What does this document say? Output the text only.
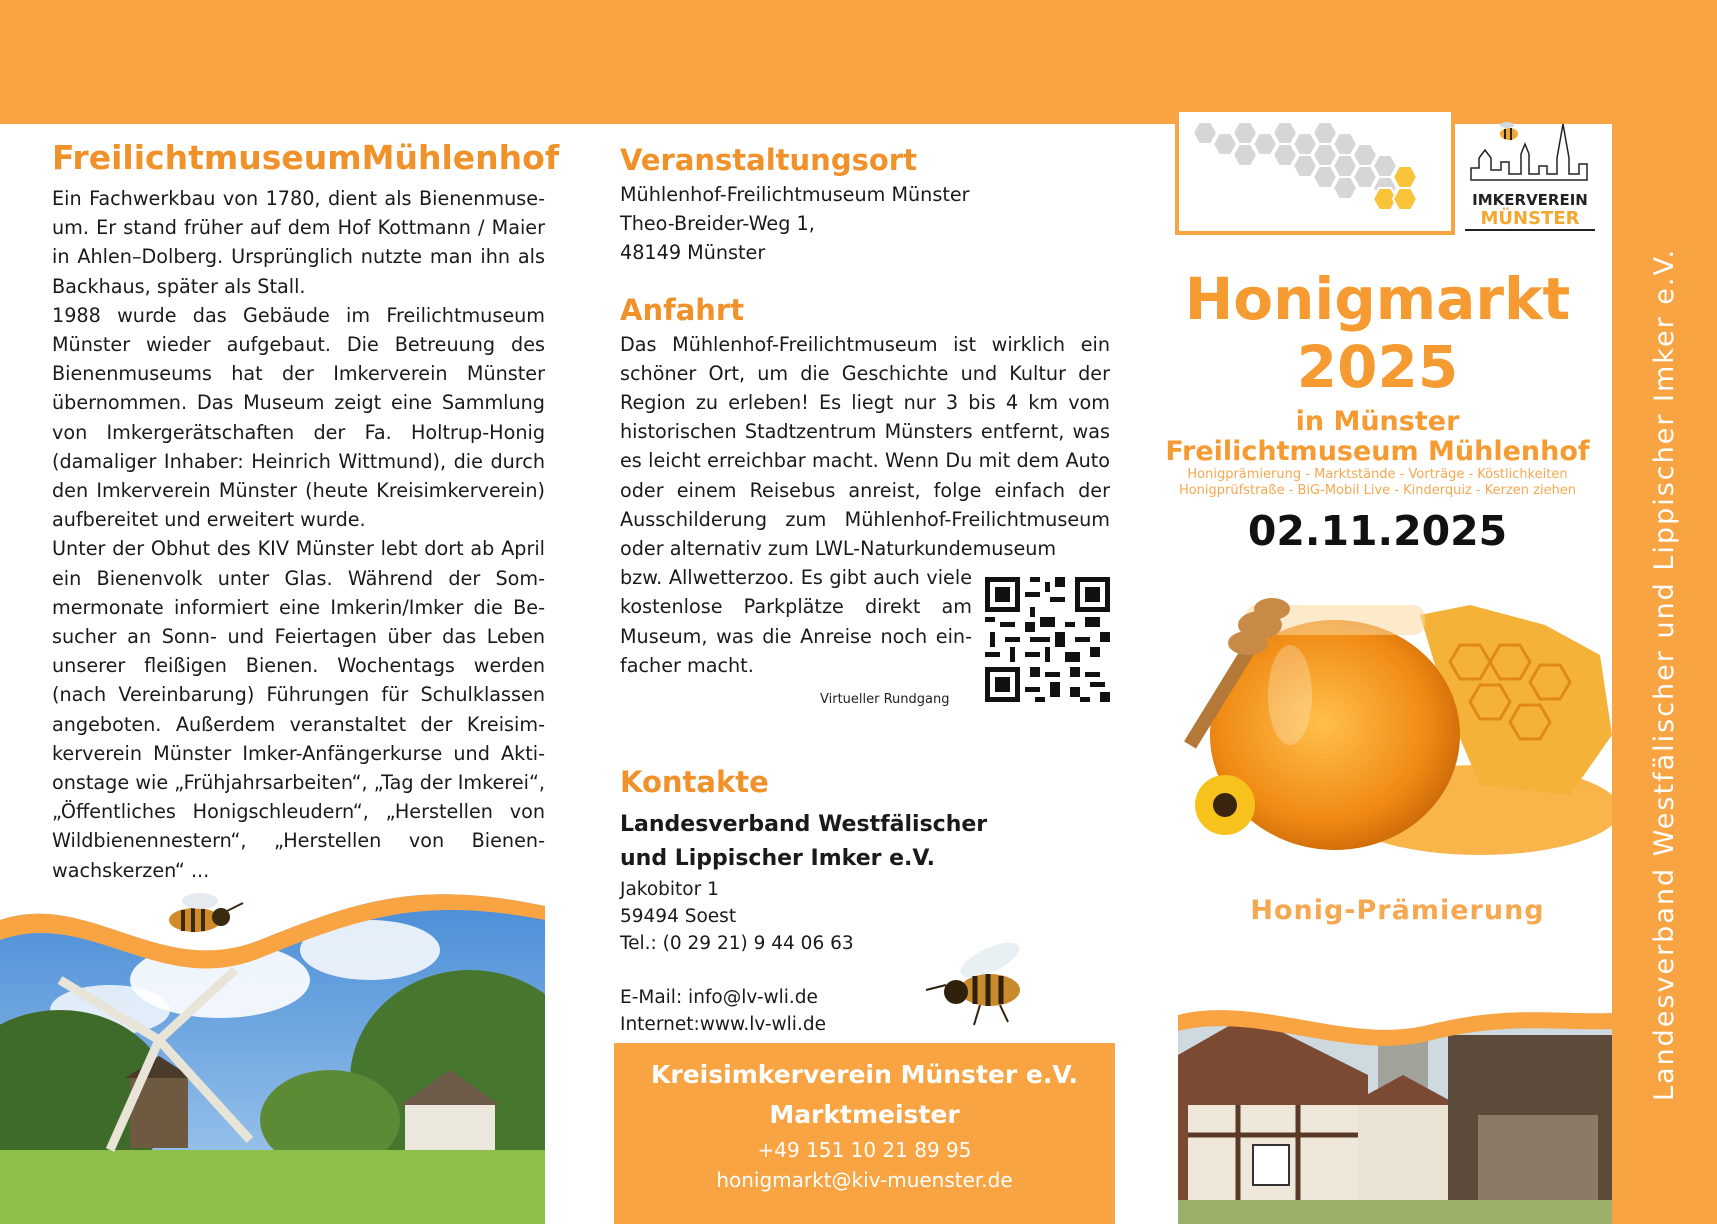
Landesverband Westfälischer und Lippischer Imker e.V.
Freilichtmuseum Mühlenhof

Ein Fachwerkbau von 1780, dient als Bienenmuseum. Er stand früher auf dem Hof Kottmann / Maier in Ahlen–Dolberg. Ursprünglich nutzte man ihn als Backhaus, später als Stall.

1988 wurde das Gebäude im Freilichtmuseum Münster wieder aufgebaut. Die Betreuung des Bienenmuseums hat der Imkerverein Münster übernommen. Das Museum zeigt eine Sammlung von Imkergerätschaften der Fa. Holtrup-Honig (damaliger Inhaber: Heinrich Wittmund), die durch den Imkerverein Münster (heute Kreisimkerverein) aufbereitet und erweitert wurde.

Unter der Obhut des KIV Münster lebt dort ab April ein Bienenvolk unter Glas. Während der Sommermonate informiert eine Imkerin/Imker die Besucher an Sonn- und Feiertagen über das Leben unserer fleißigen Bienen. Wochentags werden (nach Vereinbarung) Führungen für Schulklassen angeboten. Außerdem veranstaltet der Kreisimkerverein Münster Imker-Anfängerkurse und Aktionstage wie „Frühjahrsarbeiten“, „Tag der Imkerei“, „Öffentliches Honigschleudern“, „Herstellen von Wildbienennestern“, „Herstellen von Bienenwachskerzen“ ...

Veranstaltungsort

Mühlenhof-Freilichtmuseum Münster

Theo-Breider-Weg 1,

48149 Münster

Anfahrt

Das Mühlenhof-Freilichtmuseum ist wirklich ein schöner Ort, um die Geschichte und Kultur der Region zu erleben! Es liegt nur 3 bis 4 km vom historischen Stadtzentrum Münsters entfernt, was es leicht erreichbar macht. Wenn Du mit dem Auto oder einem Reisebus anreist, folge einfach der Ausschilderung zum Mühlenhof-Freilichtmuseum oder alternativ zum LWL-Naturkundemuseum

bzw. Allwetterzoo. Es gibt auch viele kostenlose Parkplätze direkt am Museum, was die Anreise noch einfacher macht.

Virtueller Rundgang
Kontakte

Landesverband Westfälischer

und Lippischer Imker e.V.

Jakobitor 1

59494 Soest

Tel.: (0 29 21) 9 44 06 63

E-Mail: info@lv-wli.de

Internet:www.lv-wli.de

Kreisimkerverein Münster e.V.
Marktmeister
+49 151 10 21 89 95
honigmarkt@kiv-muenster.de
IMKERVEREIN
MÜNSTER
Honigmarkt
2025
in Münster
Freilichtmuseum Mühlenhof
Honigprämierung - Marktstände - Vorträge - Köstlichkeiten
Honigprüfstraße - BiG-Mobil Live - Kinderquiz - Kerzen ziehen
02.11.2025
Honig-Prämierung
